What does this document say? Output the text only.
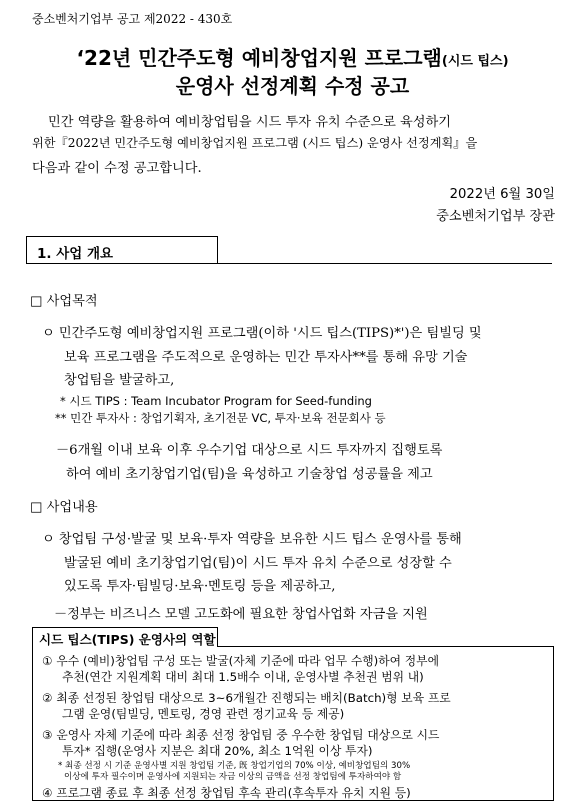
중소벤처기업부 공고 제2022 - 430호
‘22년 민간주도형 예비창업지원 프로그램(시드 팁스)
운영사 선정계획 수정 공고
민간 역량을 활용하여 예비창업팀을 시드 투자 유치 수준으로 육성하기
위한『2022년 민간주도형 예비창업지원 프로그램 (시드 팁스) 운영사 선정계획』을
다음과 같이 수정 공고합니다.
2022년 6월 30일
중소벤처기업부 장관
1. 사업 개요
□ 사업목적
ㅇ 민간주도형 예비창업지원 프로그램(이하 '시드 팁스(TIPS)*')은 팀빌딩 및
보육 프로그램을 주도적으로 운영하는 민간 투자사**를 통해 유망 기술
창업팀을 발굴하고,
* 시드 TIPS : Team Incubator Program for Seed-funding
** 민간 투자사 : 창업기획자, 초기전문 VC, 투자·보육 전문회사 등
－6개월 이내 보육 이후 우수기업 대상으로 시드 투자까지 집행토록
하여 예비 초기창업기업(팀)을 육성하고 기술창업 성공률을 제고
□ 사업내용
ㅇ 창업팀 구성·발굴 및 보육·투자 역량을 보유한 시드 팁스 운영사를 통해
발굴된 예비 초기창업기업(팀)이 시드 투자 유치 수준으로 성장할 수
있도록 투자·팀빌딩·보육·멘토링 등을 제공하고,
－정부는 비즈니스 모델 고도화에 필요한 창업사업화 자금을 지원
시드 팁스(TIPS) 운영사의 역할
① 우수 (예비)창업팀 구성 또는 발굴(자체 기준에 따라 업무 수행)하여 정부에
추천(연간 지원계획 대비 최대 1.5배수 이내, 운영사별 추천권 범위 내)
② 최종 선정된 창업팀 대상으로 3~6개월간 진행되는 배치(Batch)형 보육 프로
그램 운영(팀빌딩, 멘토링, 경영 관련 정기교육 등 제공)
③ 운영사 자체 기준에 따라 최종 선정 창업팀 중 우수한 창업팀 대상으로 시드
투자* 집행(운영사 지분은 최대 20%, 최소 1억원 이상 투자)
* 최종 선정 시 기준 운영사별 지원 창업팀 기준, 旣 창업기업의 70% 이상, 예비창업팀의 30%
이상에 투자 필수이며 운영사에 지원되는 자금 이상의 금액을 선정 창업팀에 투자하여야 함
④ 프로그램 종료 후 최종 선정 창업팀 후속 관리(후속투자 유치 지원 등)
